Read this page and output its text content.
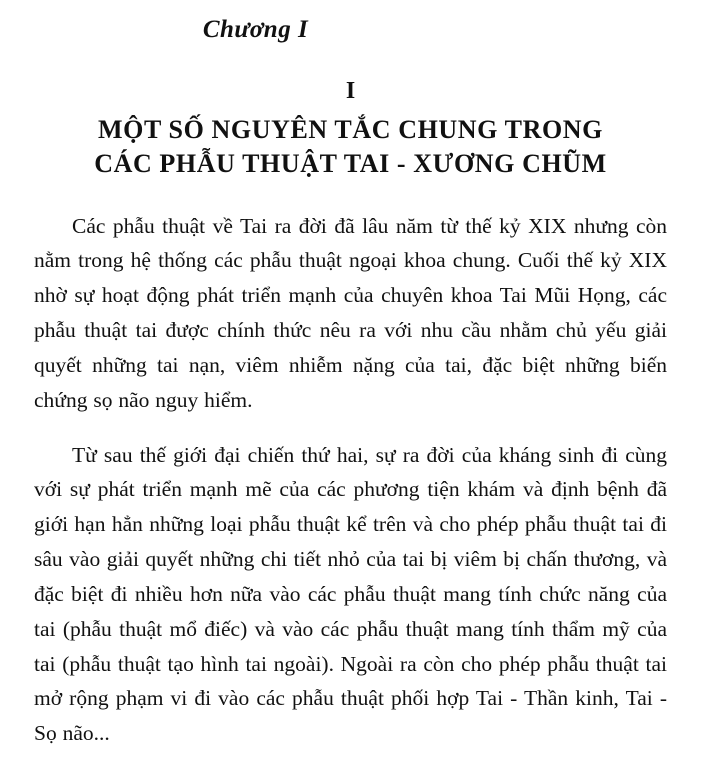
Chương I
I
MỘT SỐ NGUYÊN TẮC CHUNG TRONG
CÁC PHẪU THUẬT TAI - XƯƠNG CHŨM

Các phẫu thuật về Tai ra đời đã lâu năm từ thế kỷ XIX nhưng còn nằm trong hệ thống các phẫu thuật ngoại khoa chung. Cuối thế kỷ XIX nhờ sự hoạt động phát triển mạnh của chuyên khoa Tai Mũi Họng, các phẫu thuật tai được chính thức nêu ra với nhu cầu nhằm chủ yếu giải quyết những tai nạn, viêm nhiễm nặng của tai, đặc biệt những biến chứng sọ não nguy hiểm.

Từ sau thế giới đại chiến thứ hai, sự ra đời của kháng sinh đi cùng với sự phát triển mạnh mẽ của các phương tiện khám và định bệnh đã giới hạn hẳn những loại phẫu thuật kể trên và cho phép phẫu thuật tai đi sâu vào giải quyết những chi tiết nhỏ của tai bị viêm bị chấn thương, và đặc biệt đi nhiều hơn nữa vào các phẫu thuật mang tính chức năng của tai (phẫu thuật mổ điếc) và vào các phẫu thuật mang tính thẩm mỹ của tai (phẫu thuật tạo hình tai ngoài). Ngoài ra còn cho phép phẫu thuật tai mở rộng phạm vi đi vào các phẫu thuật phối hợp Tai - Thần kinh, Tai - Sọ não...
